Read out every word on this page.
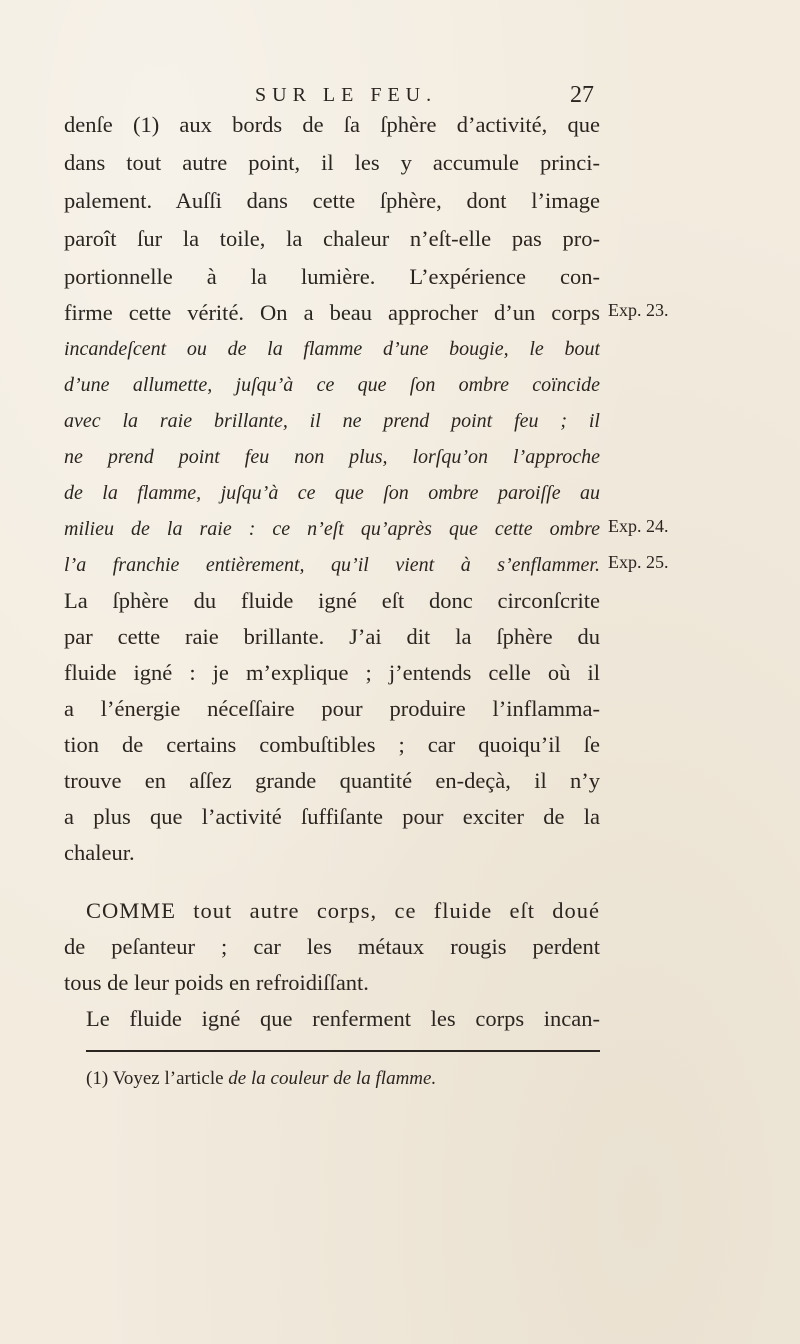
SUR LE FEU.	27
denſe (1) aux bords de ſa ſphère d’activité, que
dans tout autre point, il les y accumule princi-
palement. Auſſi dans cette ſphère, dont l’image
paroît ſur la toile, la chaleur n’eſt-elle pas pro-
portionnelle à la lumière. L’expérience con-
firme cette vérité. On a beau approcher d’un corps
incandeſcent ou de la flamme d’une bougie, le bout
d’une allumette, juſqu’à ce que ſon ombre coïncide
avec la raie brillante, il ne prend point feu ; il
ne prend point feu non plus, lorſqu’on l’approche
de la flamme, juſqu’à ce que ſon ombre paroiſſe au
milieu de la raie : ce n’eſt qu’après que cette ombre
l’a franchie entièrement, qu’il vient à s’enflammer.
La ſphère du fluide igné eſt donc circonſcrite
par cette raie brillante. J’ai dit la ſphère du
fluide igné : je m’explique ; j’entends celle où il
a l’énergie néceſſaire pour produire l’inflamma-
tion de certains combuſtibles ; car quoiqu’il ſe
trouve en aſſez grande quantité en-deçà, il n’y
a plus que l’activité ſuffiſante pour exciter de la
chaleur.
Exp. 23.
Exp. 24.
Exp. 25.
COMME tout autre corps, ce fluide eſt doué
de peſanteur ; car les métaux rougis perdent
tous de leur poids en refroidiſſant.
Le fluide igné que renferment les corps incan-
(1) Voyez l’article de la couleur de la flamme.
